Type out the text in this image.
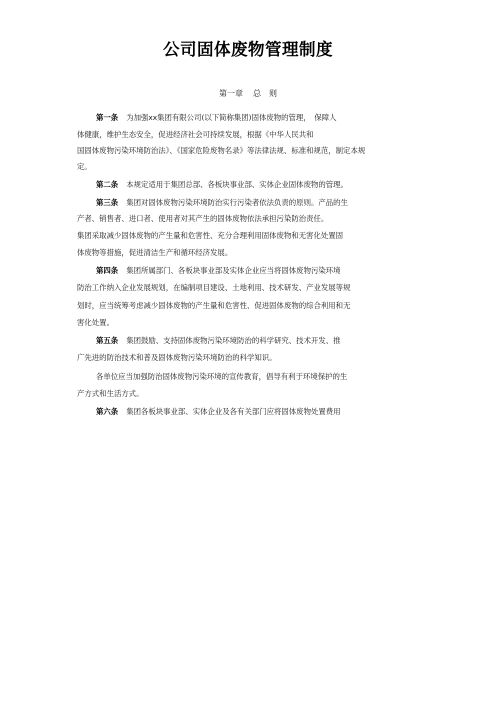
公司固体废物管理制度
第一章 总　则
第一条 为加强xx集团有限公司(以下简称集团)固体废物的管理，　保障人
体健康，维护生态安全，促进经济社会可持续发展，根据《中华人民共和
国固体废物污染环境防治法》、《国家危险废物名录》等法律法规、标准和规范，制定本规
定。
第二条 本规定适用于集团总部、各板块事业部、实体企业固体废物的管理。
第三条 集团对固体废物污染环境防治实行污染者依法负责的原则。产品的生
产者、销售者、进口者、使用者对其产生的固体废物依法承担污染防治责任。
集团采取减少固体废物的产生量和危害性、充分合理利用固体废物和无害化处置固
体废物等措施，促进清洁生产和循环经济发展。
第四条 集团所属部门、各板块事业部及实体企业应当将固体废物污染环境
防治工作纳入企业发展规划，在编制项目建设、土地利用、技术研发、产业发展等规
划时，应当统筹考虑减少固体废物的产生量和危害性、促进固体废物的综合利用和无
害化处置。
第五条 集团鼓励、支持固体废物污染环境防治的科学研究、技术开发、推
广先进的防治技术和普及固体废物污染环境防治的科学知识。
各单位应当加强防治固体废物污染环境的宣传教育，倡导有利于环境保护的生
产方式和生活方式。
第六条 集团各板块事业部、实体企业及各有关部门应将固体废物处置费用
